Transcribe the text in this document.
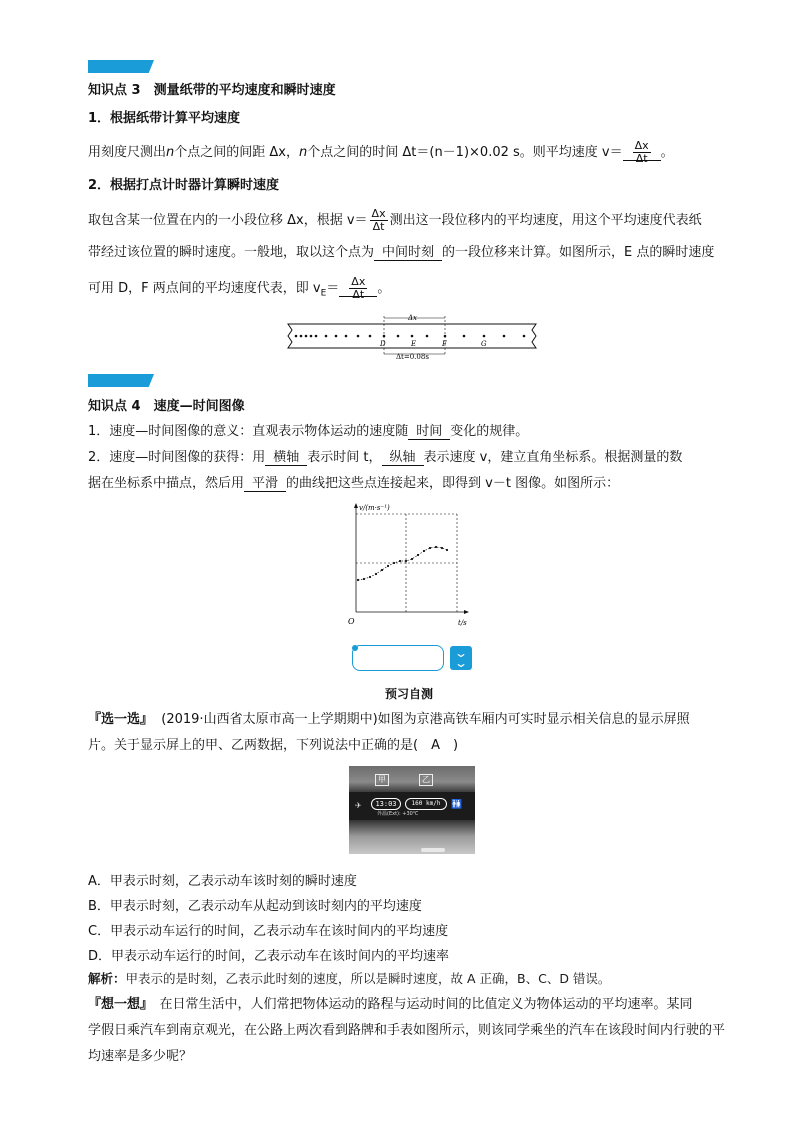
知识点 3　测量纸带的平均速度和瞬时速度
1．根据纸带计算平均速度
用刻度尺测出n个点之间的间距 Δx，n个点之间的时间 Δt＝(n－1)×0.02 s。则平均速度 $v= \frac{\Delta x}{\Delta t}$ 。
2．根据打点计时器计算瞬时速度
取包含某一位置在内的一小段位移 Δx，根据 $v= \frac{\Delta x}{\Delta t}$ 测出这一段位移内的平均速度，用这个平均速度代表纸
带经过该位置的瞬时速度。一般地，取以这个点为 中间时刻 的一段位移来计算。如图所示，E 点的瞬时速度
可用 D，F 两点间的平均速度代表，即 $v_E= \frac{\Delta x}{\Delta t}$ 。
Δx
Δt=0.08s
D	E	F	G
知识点 4　速度—时间图像
1．速度—时间图像的意义：直观表示物体运动的速度随 时间 变化的规律。
2．速度—时间图像的获得：用 横轴 表示时间 t， 纵轴 表示速度 v，建立直角坐标系。根据测量的数
据在坐标系中描点，然后用 平滑 的曲线把这些点连接起来，即得到 v－t 图像。如图所示：
v/(m·s⁻¹)
t/s
O
⌄
⌄
预习自测
『选一选』 (2019·山西省太原市高一上学期期中)如图为京港高铁车厢内可实时显示相关信息的显示屏照
片。关于显示屏上的甲、乙两数据，下列说法中正确的是(　A　)
甲	乙
13:03	160 km/h
外温(Ext): +30℃
✈	🚻
A．甲表示时刻，乙表示动车该时刻的瞬时速度
B．甲表示时刻，乙表示动车从起动到该时刻内的平均速度
C．甲表示动车运行的时间，乙表示动车在该时间内的平均速度
D．甲表示动车运行的时间，乙表示动车在该时间内的平均速率
解析：甲表示的是时刻，乙表示此时刻的速度，所以是瞬时速度，故 A 正确，B、C、D 错误。
『想一想』　在日常生活中，人们常把物体运动的路程与运动时间的比值定义为物体运动的平均速率。某同
学假日乘汽车到南京观光，在公路上两次看到路牌和手表如图所示，则该同学乘坐的汽车在该段时间内行驶的平
均速率是多少呢？
